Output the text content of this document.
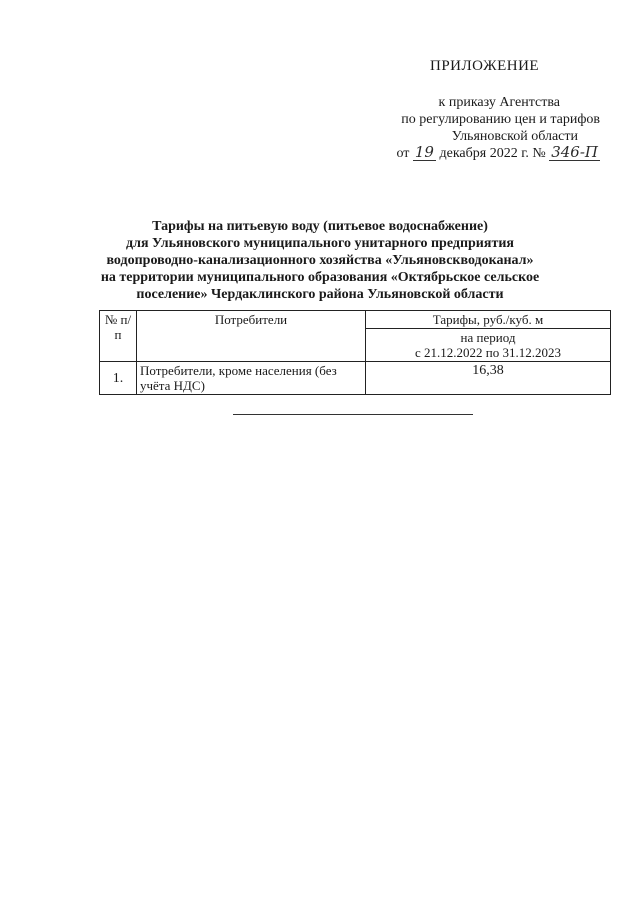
ПРИЛОЖЕНИЕ
к приказу Агентства
по регулированию цен и тарифов
Ульяновской области
от 19 декабря 2022 г. № 346-П
Тарифы на питьевую воду (питьевое водоснабжение)
для Ульяновского муниципального унитарного предприятия
водопроводно-канализационного хозяйства «Ульяновскводоканал»
на территории муниципального образования «Октябрьское сельское
поселение» Чердаклинского района Ульяновской области
№ п/п	Потребители	Тарифы, руб./куб. м

		на период
с 21.12.2022 по 31.12.2023

1.	Потребители, кроме населения (без учёта НДС)	16,38
